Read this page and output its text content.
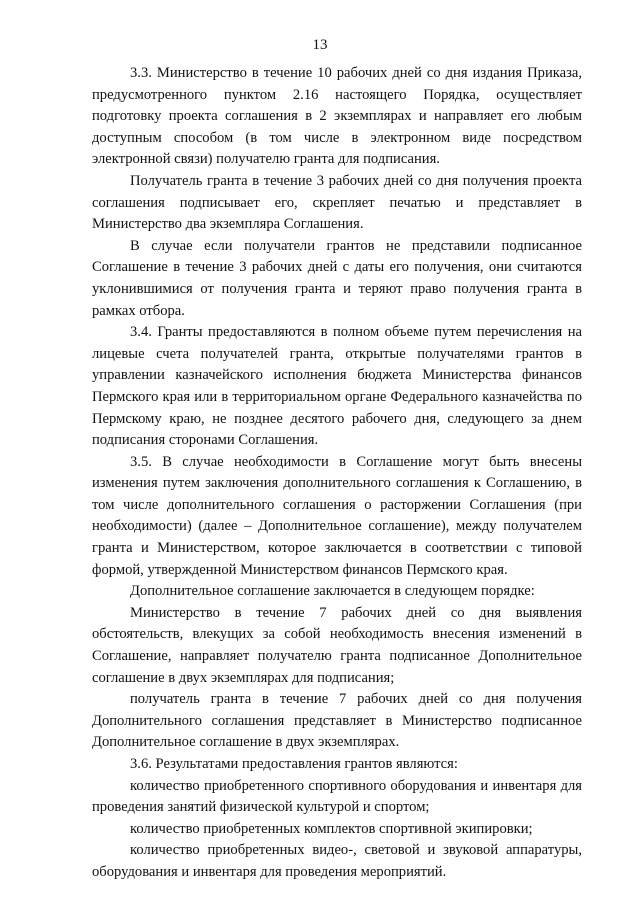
13

3.3. Министерство в течение 10 рабочих дней со дня издания Приказа, предусмотренного пунктом 2.16 настоящего Порядка, осуществляет подготовку проекта соглашения в 2 экземплярах и направляет его любым доступным способом (в том числе в электронном виде посредством электронной связи) получателю гранта для подписания.

Получатель гранта в течение 3 рабочих дней со дня получения проекта соглашения подписывает его, скрепляет печатью и представляет в Министерство два экземпляра Соглашения.

В случае если получатели грантов не представили подписанное Соглашение в течение 3 рабочих дней с даты его получения, они считаются уклонившимися от получения гранта и теряют право получения гранта в рамках отбора.

3.4. Гранты предоставляются в полном объеме путем перечисления на лицевые счета получателей гранта, открытые получателями грантов в управлении казначейского исполнения бюджета Министерства финансов Пермского края или в территориальном органе Федерального казначейства по Пермскому краю, не позднее десятого рабочего дня, следующего за днем подписания сторонами Соглашения.

3.5. В случае необходимости в Соглашение могут быть внесены изменения путем заключения дополнительного соглашения к Соглашению, в том числе дополнительного соглашения о расторжении Соглашения (при необходимости) (далее – Дополнительное соглашение), между получателем гранта и Министерством, которое заключается в соответствии с типовой формой, утвержденной Министерством финансов Пермского края.

Дополнительное соглашение заключается в следующем порядке:

Министерство в течение 7 рабочих дней со дня выявления обстоятельств, влекущих за собой необходимость внесения изменений в Соглашение, направляет получателю гранта подписанное Дополнительное соглашение в двух экземплярах для подписания;

получатель гранта в течение 7 рабочих дней со дня получения Дополнительного соглашения представляет в Министерство подписанное Дополнительное соглашение в двух экземплярах.

3.6. Результатами предоставления грантов являются:

количество приобретенного спортивного оборудования и инвентаря для проведения занятий физической культурой и спортом;

количество приобретенных комплектов спортивной экипировки;

количество приобретенных видео-, световой и звуковой аппаратуры, оборудования и инвентаря для проведения мероприятий.
